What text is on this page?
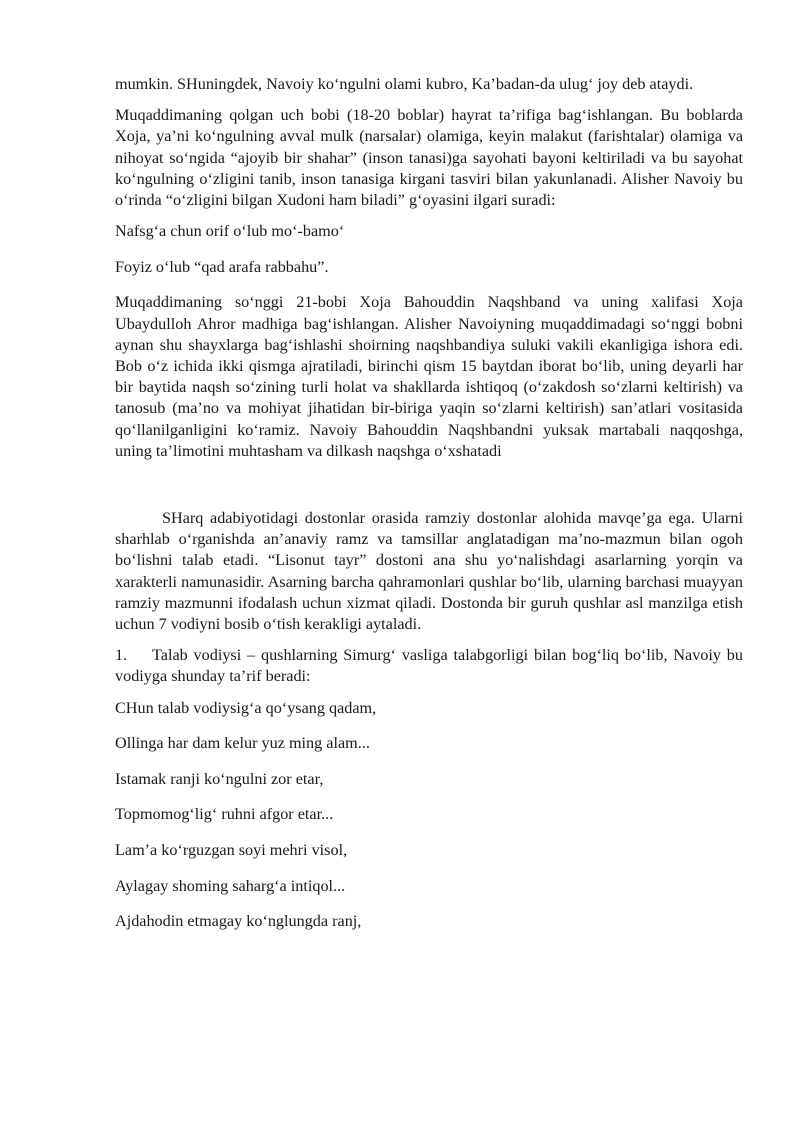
mumkin. SHuningdek, Navoiy ko‘ngulni olami kubro, Ka’badan-da ulug‘ joy deb ataydi.

Muqaddimaning qolgan uch bobi (18-20 boblar) hayrat ta’rifiga bag‘ishlangan. Bu boblarda Xoja, ya’ni ko‘ngulning avval mulk (narsalar) olamiga, keyin malakut (farishtalar) olamiga va nihoyat so‘ngida “ajoyib bir shahar” (inson tanasi)ga sayohati bayoni keltiriladi va bu sayohat ko‘ngulning o‘zligini tanib, inson tanasiga kirgani tasviri bilan yakunlanadi. Alisher Navoiy bu o‘rinda “o‘zligini bilgan Xudoni ham biladi” g‘oyasini ilgari suradi:

Nafsg‘a chun orif o‘lub mo‘-bamo‘

Foyiz o‘lub “qad arafa rabbahu”.

Muqaddimaning so‘nggi 21-bobi Xoja Bahouddin Naqshband va uning xalifasi Xoja Ubaydulloh Ahror madhiga bag‘ishlangan. Alisher Navoiyning muqaddimadagi so‘nggi bobni aynan shu shayxlarga bag‘ishlashi shoirning naqshbandiya suluki vakili ekanligiga ishora edi. Bob o‘z ichida ikki qismga ajratiladi, birinchi qism 15 baytdan iborat bo‘lib, uning deyarli har bir baytida naqsh so‘zining turli holat va shakllarda ishtiqoq (o‘zakdosh so‘zlarni keltirish) va tanosub (ma’no va mohiyat jihatidan bir-biriga yaqin so‘zlarni keltirish) san’atlari vositasida qo‘llanilganligini ko‘ramiz. Navoiy Bahouddin Naqshbandni yuksak martabali naqqoshga, uning ta’limotini muhtasham va dilkash naqshga o‘xshatadi

SHarq adabiyotidagi dostonlar orasida ramziy dostonlar alohida mavqe’ga ega. Ularni sharhlab o‘rganishda an’anaviy ramz va tamsillar anglatadigan ma’no-mazmun bilan ogoh bo‘lishni talab etadi. “Lisonut tayr” dostoni ana shu yo‘nalishdagi asarlarning yorqin va xarakterli namunasidir. Asarning barcha qahramonlari qushlar bo‘lib, ularning barchasi muayyan ramziy mazmunni ifodalash uchun xizmat qiladi. Dostonda bir guruh qushlar asl manzilga etish uchun 7 vodiyni bosib o‘tish kerakligi aytaladi.

1. Talab vodiysi – qushlarning Simurg‘ vasliga talabgorligi bilan bog‘liq bo‘lib, Navoiy bu vodiyga shunday ta’rif beradi:

CHun talab vodiysig‘a qo‘ysang qadam,

Ollinga har dam kelur yuz ming alam...

Istamak ranji ko‘ngulni zor etar,

Topmomog‘lig‘ ruhni afgor etar...

Lam’a ko‘rguzgan soyi mehri visol,

Aylagay shoming saharg‘a intiqol...

Ajdahodin etmagay ko‘nglungda ranj,
